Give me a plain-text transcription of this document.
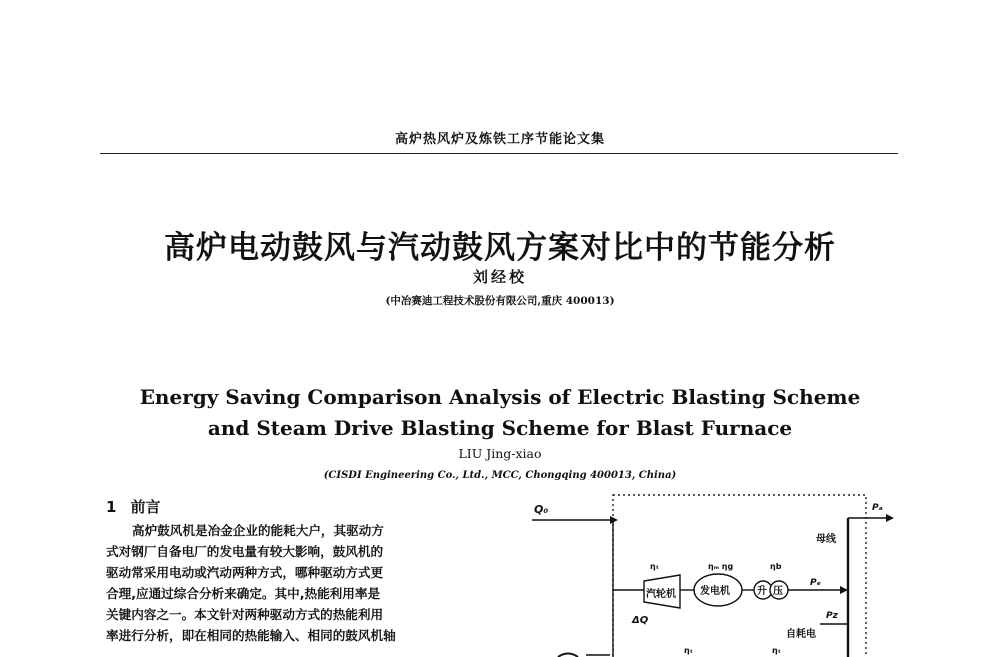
高炉热风炉及炼铁工序节能论文集
高炉电动鼓风与汽动鼓风方案对比中的节能分析
刘经校
(中冶赛迪工程技术股份有限公司,重庆 400013)
Energy Saving Comparison Analysis of Electric Blasting Scheme
and Steam Drive Blasting Scheme for Blast Furnace
LIU Jing-xiao
(CISDI Engineering Co., Ltd., MCC, Chongqing 400013, China)
1 前言
高炉鼓风机是冶金企业的能耗大户，其驱动方
式对钢厂自备电厂的发电量有较大影响，鼓风机的
驱动常采用电动或汽动两种方式，哪种驱动方式更
合理,应通过综合分析来确定。其中,热能利用率是
关键内容之一。本文针对两种驱动方式的热能利用
率进行分析，即在相同的热能输入、相同的鼓风机轴
Q₀
汽轮机
ηₜ
ΔQ
发电机
ηₘ ηg
升 压
ηb
Pₑ
母线
Pₐ
Pz
自耗电
ηₜ	ηₜ
